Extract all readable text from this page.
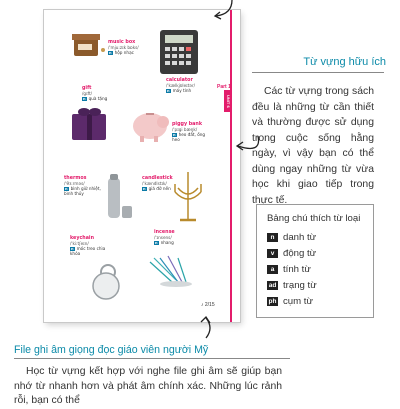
music box
/ˈmjuːzɪk bɒks/
n hộp nhạc
calculator
/ˈkælkjʊleɪtər/
n máy tính
gift
/gɪft/
n quà tặng
piggy bank
/ˈpɪgi bæŋk/
n heo đất, ống heo
thermos
/ˈθɜːrməs/
n bình giữ nhiệt, bình thủy
candlestick
/ˈkændlstɪk/
n giá đỡ nến
keychain
/ˈkiːtʃeɪn/
n móc treo chìa khóa
incense
/ˈɪnsens/
n nhang
Part 1
UNIT 6
♪ 2/15
Từ vựng hữu ích
Các từ vựng trong sách đều là những từ cần thiết và thường được sử dụng trong cuộc sống hằng ngày, vì vậy bạn có thể dùng ngay những từ vừa học khi giao tiếp trong thực tế.
Bảng chú thích từ loại
n danh từ
v động từ
a tính từ
ad trạng từ
ph cụm từ
File ghi âm giọng đọc giáo viên người Mỹ
Học từ vựng kết hợp với nghe file ghi âm sẽ giúp bạn nhớ từ nhanh hơn và phát âm chính xác. Những lúc rảnh rỗi, bạn có thể
